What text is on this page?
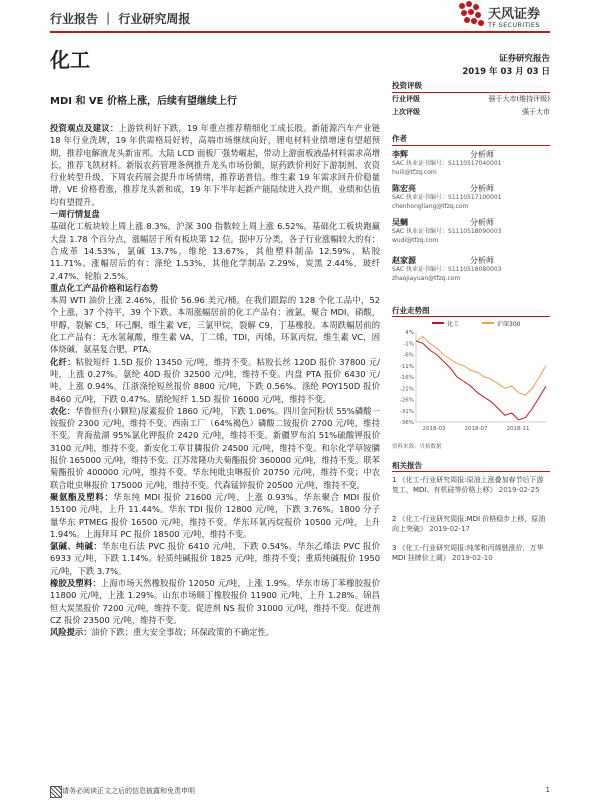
行业报告 ｜ 行业研究周报	天风证券
TF SECURITIES
化工	证券研究报告
2019 年 03 月 03 日
MDI 和 VE 价格上涨，后续有望继续上行
投资评级
行业评级	强于大市(维持评级)
上次评级	强于大市
作者
李辉	分析师
SAC 执业证书编号：S1110517040001
huili@tfzq.com
陈宏亮	分析师
SAC 执业证书编号：S1110517100001
chenhongliang@tfzq.com
吴鲷	分析师
SAC 执业证书编号：S1110518090003
wudi@tfzq.com
赵家源	分析师
SAC 执业证书编号：S1110518080003
zhaojiayuan@tfzq.com

投资观点及建议：上游铁利好下跌，19 年重点推荐精细化工成长股。新能源汽车产业链 18 年行业洗牌，19 年供需格局好转，高端市场继续向好，锂电材料业绩增速有望超预期，推荐电解液龙头新宙邦。大陆 LCD 面板厂强势崛起，带动上游面板液晶材料需求高增长，推荐飞凯材料。新版农药管理条例推升龙头市场份额，原药跌价利好下游制剂，农资行业转型升级，下周农药展会提升市场情绪，推荐诺普信。维生素 19 年需求回升价稳量增，VE 价格看涨，推荐龙头新和成，19 年下半年起新产能陆续进入投产期，业绩和估值均有望提升。

一周行情复盘

基础化工板块较上周上涨 8.3%，沪深 300 指数较上周上涨 6.52%。基础化工板块跑赢大盘 1.78 个百分点，涨幅居于所有板块第 12 位。据申万分类，各子行业涨幅较大的有：合成革 14.53%，氯碱 13.7%，维纶 13.67%，其他塑料制品 12.59%，粘胶 11.71%。涨幅居后的有：涤纶 1.53%，其他化学制品 2.29%，炭黑 2.44%，玻纤 2.47%，轮胎 2.5%。

重点化工产品价格和运行态势

本周 WTI 油价上涨 2.46%，报价 56.96 美元/桶。在我们跟踪的 128 个化工品中，52 个上涨，37 个持平，39 个下跌。本周涨幅居前的化工产品有：液氯，聚合 MDI，硝酸，甲醇，裂解 C5，环己酮，维生素 VE，三氯甲烷，裂解 C9，丁基橡胶。本周跌幅居前的化工产品有：无水氢氟酸，维生素 VA，丁二烯，TDI，丙烯，环氧丙烷，维生素 VC，固体烧碱，氨基复合肥，PTA。

化纤：粘胶短纤 1.5D 报价 13450 元/吨，维持不变。粘胶长丝 120D 报价 37800 元/吨，上涨 0.27%。氨纶 40D 报价 32500 元/吨，维持不变。内盘 PTA 报价 6430 元/吨，上涨 0.94%。江浙涤纶短丝报价 8800 元/吨，下跌 0.56%。涤纶 POY150D 报价 8460 元/吨，下跌 0.47%。腈纶短纤 1.5D 报价 16000 元/吨，维持不变。

农化：华鲁恒升(小颗粒)尿素报价 1860 元/吨，下跌 1.06%。四川金河粉状 55%磷酸一铵报价 2300 元/吨，维持不变。西南工厂（64%褐色）磷酸二铵报价 2700 元/吨，维持不变。青海盐湖 95%氯化钾报价 2420 元/吨，维持不变。新疆罗布泊 51%硫酸钾报价 3100 元/吨，维持不变。新安化工草甘膦报价 24500 元/吨，维持不变。和尔化学草铵膦报价 165000 元/吨，维持不变。江苏常隆功夫菊酯报价 360000 元/吨，维持不变。联苯菊酯报价 400000 元/吨，维持不变。华东纯吡虫啉报价 20750 元/吨，维持不变；中农联合吡虫啉报价 175000 元/吨，维持不变。代森锰锌报价 20500 元/吨，维持不变。

聚氨酯及塑料：华东纯 MDI 报价 21600 元/吨，上涨 0.93%。华东聚合 MDI 报价 15100 元/吨，上升 11.44%。华东 TDI 报价 12800 元/吨，下跌 3.76%。1800 分子量华东 PTMEG 报价 16500 元/吨，维持不变。华东环氧丙烷报价 10500 元/吨，上升 1.94%。上海拜耳 PC 报价 18500 元/吨，维持不变。

氯碱、纯碱：华东电石法 PVC 报价 6410 元/吨，下跌 0.54%。华东乙烯法 PVC 报价 6933 元/吨，下跌 1.14%。轻质纯碱报价 1825 元/吨，维持不变；重质纯碱报价 1950 元/吨，下跌 3.7%。

橡胶及塑料：上海市场天然橡胶报价 12050 元/吨，上涨 1.9%。华东市场丁苯橡胶报价 11800 元/吨，上涨 1.29%。山东市场顺丁橡胶报价 11900 元/吨，上升 1.28%。锦昌恒大炭黑报价 7200 元/吨，维持不变。促进剂 NS 报价 31000 元/吨，维持不变。促进剂 CZ 报价 23500 元/吨，维持不变。

风险提示：油价下跌；重大安全事故；环保政策的不确定性。

行业走势图
化工	沪深300
4%
-1%
-6%
-11%
-16%
-21%
-26%
-31%
-36%
2018-03	2018-07	2018-11
资料来源：贝格数据
相关报告
1 《化工-行业研究周报:原油上涨叠加春节后下游复工，MDI、有机硅等价格上移》 2019-02-25
2 《化工-行业研究周报:MDI 价格稳步上移，原油向上突破》 2019-02-17
3 《化工-行业研究周报:纯苯和丙烯链涨价，万华 MDI 挂牌价上调》 2019-02-10
请务必阅读正文之后的信息披露和免责申明	1
